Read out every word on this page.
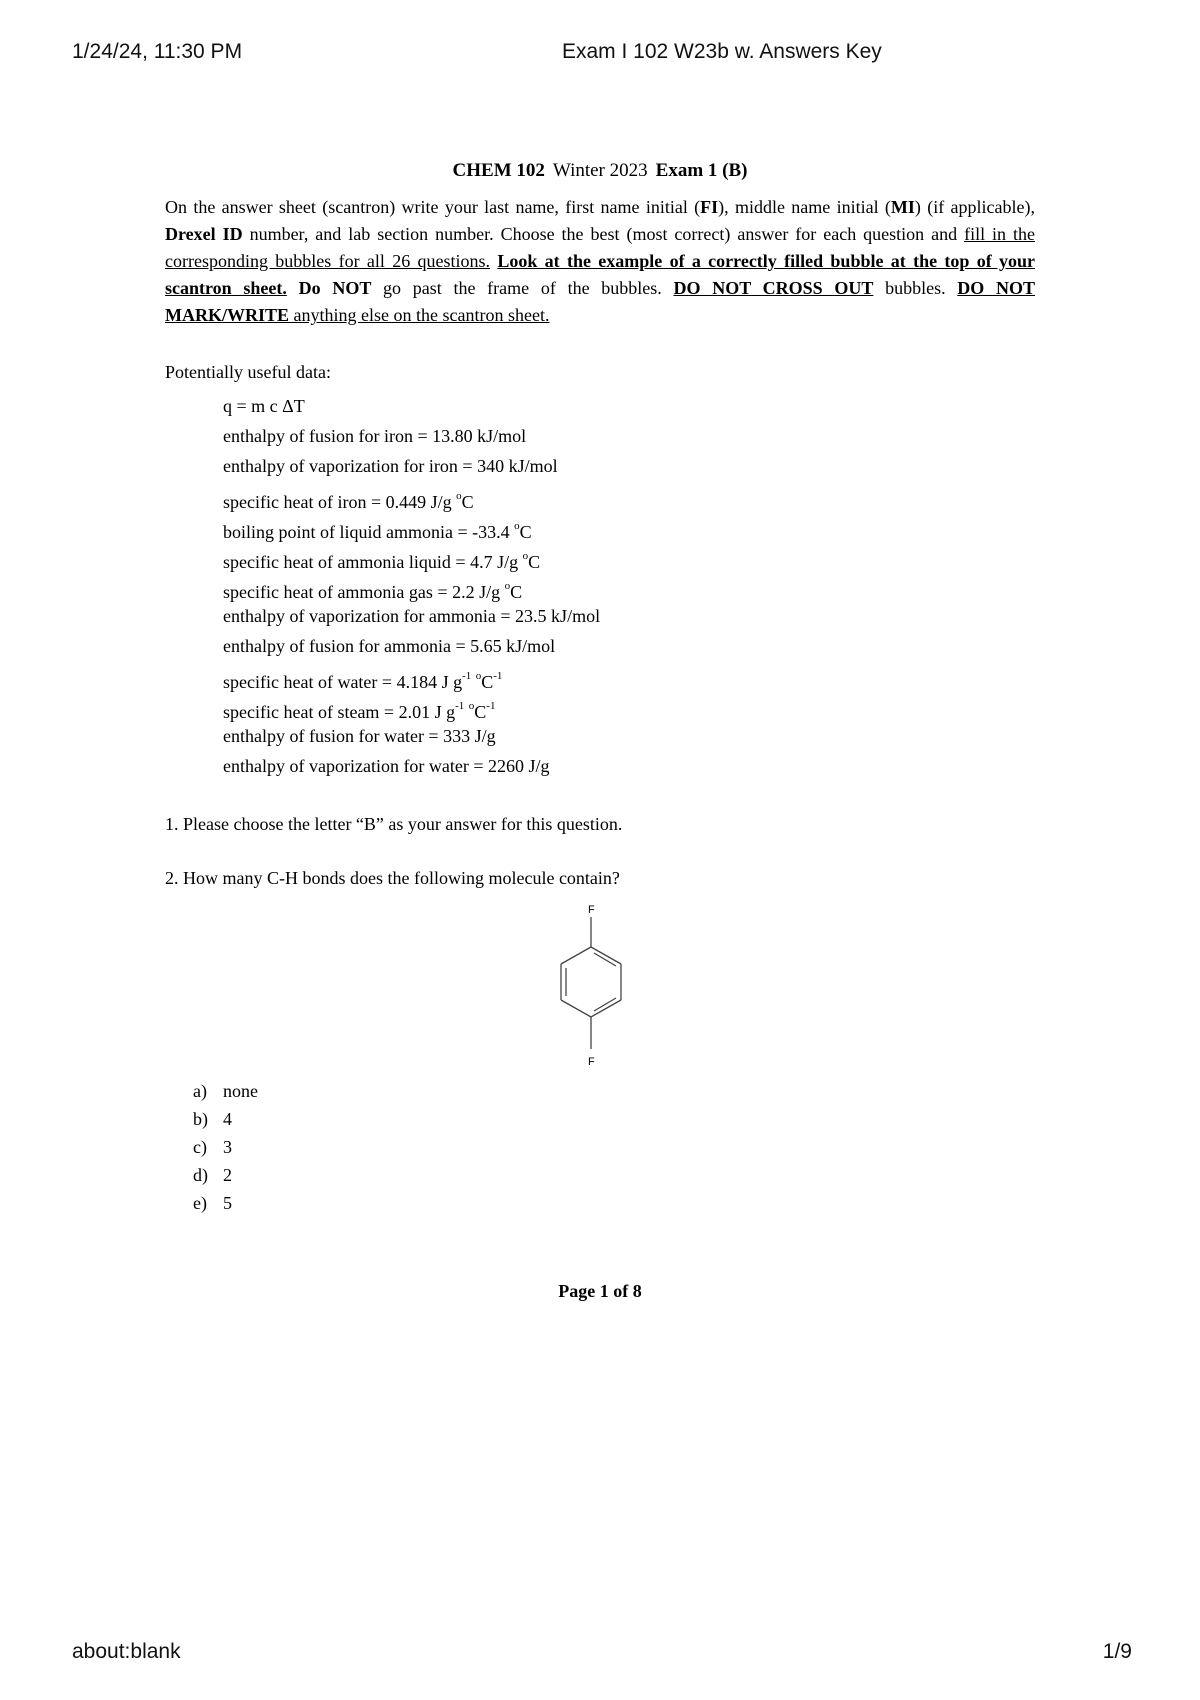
1/24/24, 11:30 PM	Exam I 102 W23b w. Answers Key
CHEM 102 Winter 2023 Exam 1 (B)

On the answer sheet (scantron) write your last name, first name initial (FI), middle name initial (MI) (if applicable), Drexel ID number, and lab section number. Choose the best (most correct) answer for each question and fill in the corresponding bubbles for all 26 questions. Look at the example of a correctly filled bubble at the top of your scantron sheet. Do NOT go past the frame of the bubbles. DO NOT CROSS OUT bubbles. DO NOT MARK/WRITE anything else on the scantron sheet.

Potentially useful data:
q = m c ΔT
enthalpy of fusion for iron = 13.80 kJ/mol
enthalpy of vaporization for iron = 340 kJ/mol
specific heat of iron = 0.449 J/g $^o$C
boiling point of liquid ammonia = -33.4 $^o$C
specific heat of ammonia liquid = 4.7 J/g $^o$C
specific heat of ammonia gas = 2.2 J/g $^o$C
enthalpy of vaporization for ammonia = 23.5 kJ/mol
enthalpy of fusion for ammonia = 5.65 kJ/mol
specific heat of water = 4.184 J $g^{-1}$ $^oC^{-1}$
specific heat of steam = 2.01 J $g^{-1}$ $^oC^{-1}$
enthalpy of fusion for water = 333 J/g
enthalpy of vaporization for water = 2260 J/g
1. Please choose the letter “B” as your answer for this question.
2. How many C-H bonds does the following molecule contain?
F
F
a) none
b) 4
c) 3
d) 2
e) 5
Page 1 of 8
about:blank	1/9
